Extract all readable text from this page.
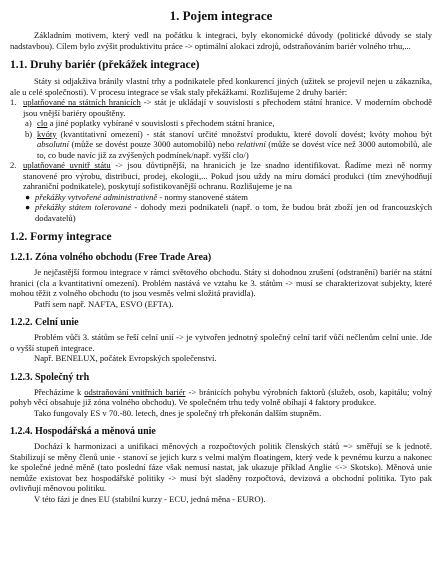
1. Pojem integrace

Základním motivem, který vedl na počátku k integraci, byly ekonomické důvody (politické důvody se staly nadstavbou). Cílem bylo zvýšit produktivitu práce -> optimální alokaci zdrojů, odstraňováním bariér volného trhu,...

1.1. Druhy bariér (překážek integrace)

Státy si odjakživa bránily vlastní trhy a podnikatele před konkurencí jiných (užitek se projevil nejen u zákazníka, ale u celé společnosti). V procesu integrace se však staly překážkami. Rozlišujeme 2 druhy bariér:

1. uplatňované na státních hranicích -> stát je ukládají v souvislosti s přechodem státní hranice. V moderním obchodě jsou vnější bariéry opouštěny.

a) clo a jiné poplatky vybírané v souvislosti s přechodem státní hranice,

b) kvóty (kvantitativní omezení) - stát stanoví určité množství produktu, které dovolí dovést; kvóty mohou být absolutní (může se dovést pouze 3000 automobilů) nebo relativní (může se dovést více než 3000 automobilů, ale to, co bude navíc již za zvýšených podmínek/např. vyšší clo/)

2. uplatňované uvnitř státu -> jsou důvtipnější, na hranicích je lze snadno identifikovat. Řadíme mezi ně normy stanovené pro výrobu, distribuci, prodej, ekologii,... Pokud jsou uždy na míru domácí produkci (tím znevýhodňují zahraniční podnikatele), poskytují sofistikovanější ochranu. Rozlišujeme je na

● překážky vytvořené administrativně - normy stanovené státem

● překážky státem tolerované - dohody mezi podnikateli (např. o tom, že budou brát zboží jen od francouzských dodavatelů)

1.2. Formy integrace
1.2.1. Zóna volného obchodu (Free Trade Area)

Je nejčastější formou integrace v rámci světového obchodu. Státy si dohodnou zrušení (odstranění) bariér na státní hranici (cla a kvantitativní omezení). Problém nastává ve vztahu ke 3. státům -> musí se charakterizovat subjekty, které mohou těžit z volného obchodu (to jsou vesměs velmi složitá pravidla).

Patří sem např. NAFTA, ESVO (EFTA).

1.2.2. Celní unie

Problém vůči 3. státům se řeší celní unií -> je vytvořen jednotný společný celní tarif vůči nečlenům celní unie. Jde o vyšší stupeň integrace.

Např. BENELUX, počátek Evropských společenství.

1.2.3. Společný trh

Přecházíme k odstraňování vnitřních bariér -> bránicích pohybu výrobních faktorů (služeb, osob, kapitálu; volný pohyb věcí obsahuje již zóna volného obchodu). Ve společném trhu tedy volně obíhají 4 faktory produkce.

Tako fungovaly ES v 70.-80. letech, dnes je společný trh překonán dalším stupněm.

1.2.4. Hospodářská a měnová unie

Dochází k harmonizaci a unifikaci měnových a rozpočtových politik členských států => směřují se k jednotě. Stabilizují se měny členů unie - stanoví se jejich kurz s velmi malým floatingem, který vede k pevnému kurzu a nakonec ke společné jedné měně (tato poslední fáze však nemusí nastat, jak ukazuje příklad Anglie <-> Skotsko). Měnová unie nemůže existovat bez hospodářské politiky -> musí být sladěny rozpočtová, devizová a obchodní politika. Tyto pak ovlivňují měnovou politiku.

V této fázi je dnes EU (stabilní kurzy - ECU, jedná měna - EURO).
